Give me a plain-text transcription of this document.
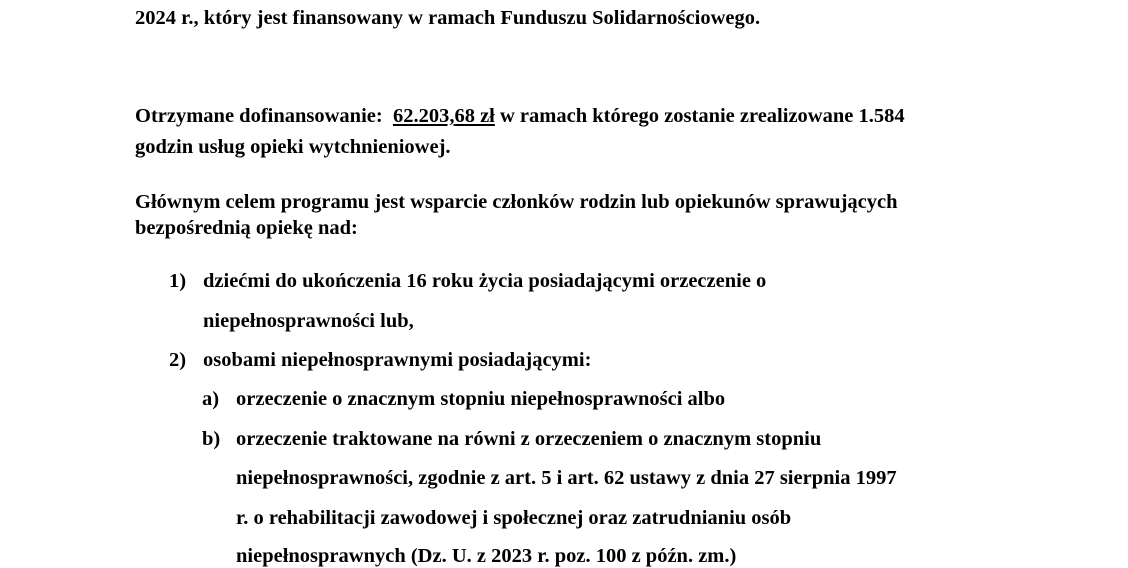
2024 r., który jest finansowany w ramach Funduszu Solidarnościowego.
Otrzymane dofinansowanie: 62.203,68 zł w ramach którego zostanie zrealizowane 1.584
godzin usług opieki wytchnieniowej.
Głównym celem programu jest wsparcie członków rodzin lub opiekunów sprawujących
bezpośrednią opiekę nad:
1) dziećmi do ukończenia 16 roku życia posiadającymi orzeczenie o
niepełnosprawności lub,
2) osobami niepełnosprawnymi posiadającymi:
a) orzeczenie o znacznym stopniu niepełnosprawności albo
b) orzeczenie traktowane na równi z orzeczeniem o znacznym stopniu
niepełnosprawności, zgodnie z art. 5 i art. 62 ustawy z dnia 27 sierpnia 1997
r. o rehabilitacji zawodowej i społecznej oraz zatrudnianiu osób
niepełnosprawnych (Dz. U. z 2023 r. poz. 100 z późn. zm.)
